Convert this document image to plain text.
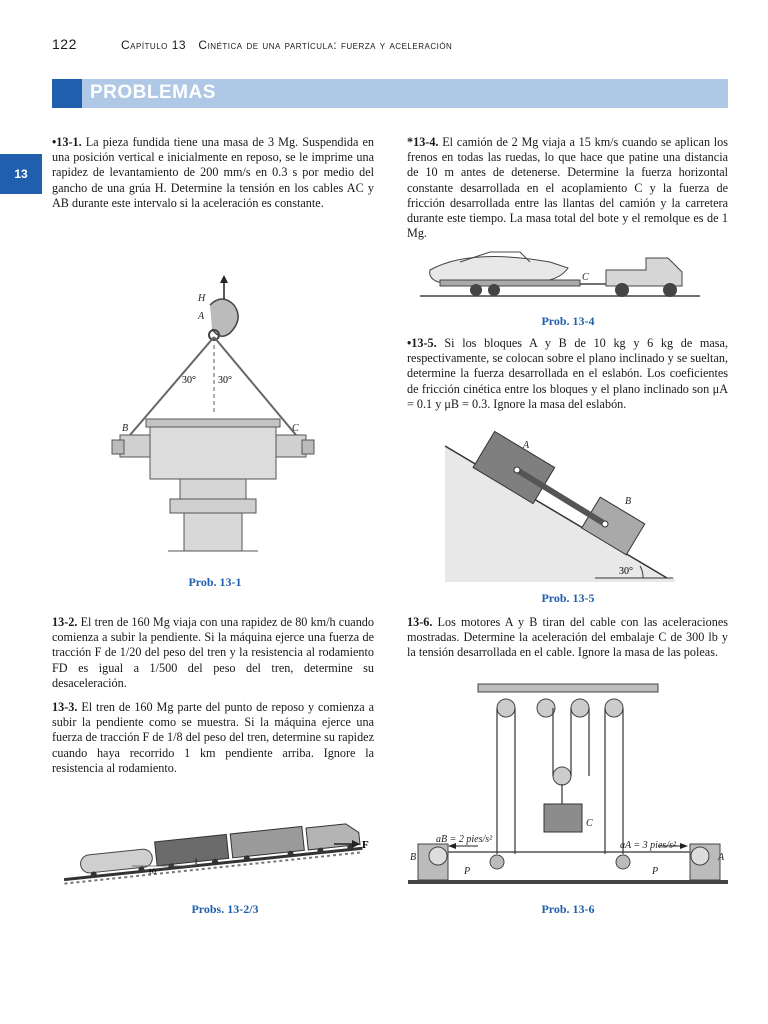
122	Capítulo 13 Cinética de una partícula: fuerza y aceleración
PROBLEMAS
13
•13-1. La pieza fundida tiene una masa de 3 Mg. Suspendida en una posición vertical e inicialmente en reposo, se le imprime una rapidez de levantamiento de 200 mm/s en 0.3 s por medio del gancho de una grúa H. Determine la tensión en los cables AC y AB durante este intervalo si la aceleración es constante.
H
A
B	C
30° 30°
Prob. 13-1
13-2. El tren de 160 Mg viaja con una rapidez de 80 km/h cuando comienza a subir la pendiente. Si la máquina ejerce una fuerza de tracción F de 1/20 del peso del tren y la resistencia al rodamiento FD es igual a 1/500 del peso del tren, determine su desaceleración.
13-3. El tren de 160 Mg parte del punto de reposo y comienza a subir la pendiente como se muestra. Si la máquina ejerce una fuerza de tracción F de 1/8 del peso del tren, determine su rapidez cuando haya recorrido 1 km pendiente arriba. Ignore la resistencia al rodamiento.
F
10
1
Probs. 13-2/3
*13-4. El camión de 2 Mg viaja a 15 km/s cuando se aplican los frenos en todas las ruedas, lo que hace que patine una distancia de 10 m antes de detenerse. Determine la fuerza horizontal constante desarrollada en el acoplamiento C y la fuerza de fricción desarrollada entre las llantas del camión y la carretera durante este tiempo. La masa total del bote y el remolque es de 1 Mg.
C
Prob. 13-4
•13-5. Si los bloques A y B de 10 kg y 6 kg de masa, respectivamente, se colocan sobre el plano inclinado y se sueltan, determine la fuerza desarrollada en el eslabón. Los coeficientes de fricción cinética entre los bloques y el plano inclinado son μA = 0.1 y μB = 0.3. Ignore la masa del eslabón.
A
B
30°
Prob. 13-5
13-6. Los motores A y B tiran del cable con las aceleraciones mostradas. Determine la aceleración del embalaje C de 300 lb y la tensión desarrollada en el cable. Ignore la masa de las poleas.
aB = 2 pies/s²
aA = 3 pies/s²
B	A
C
P	P
Prob. 13-6
